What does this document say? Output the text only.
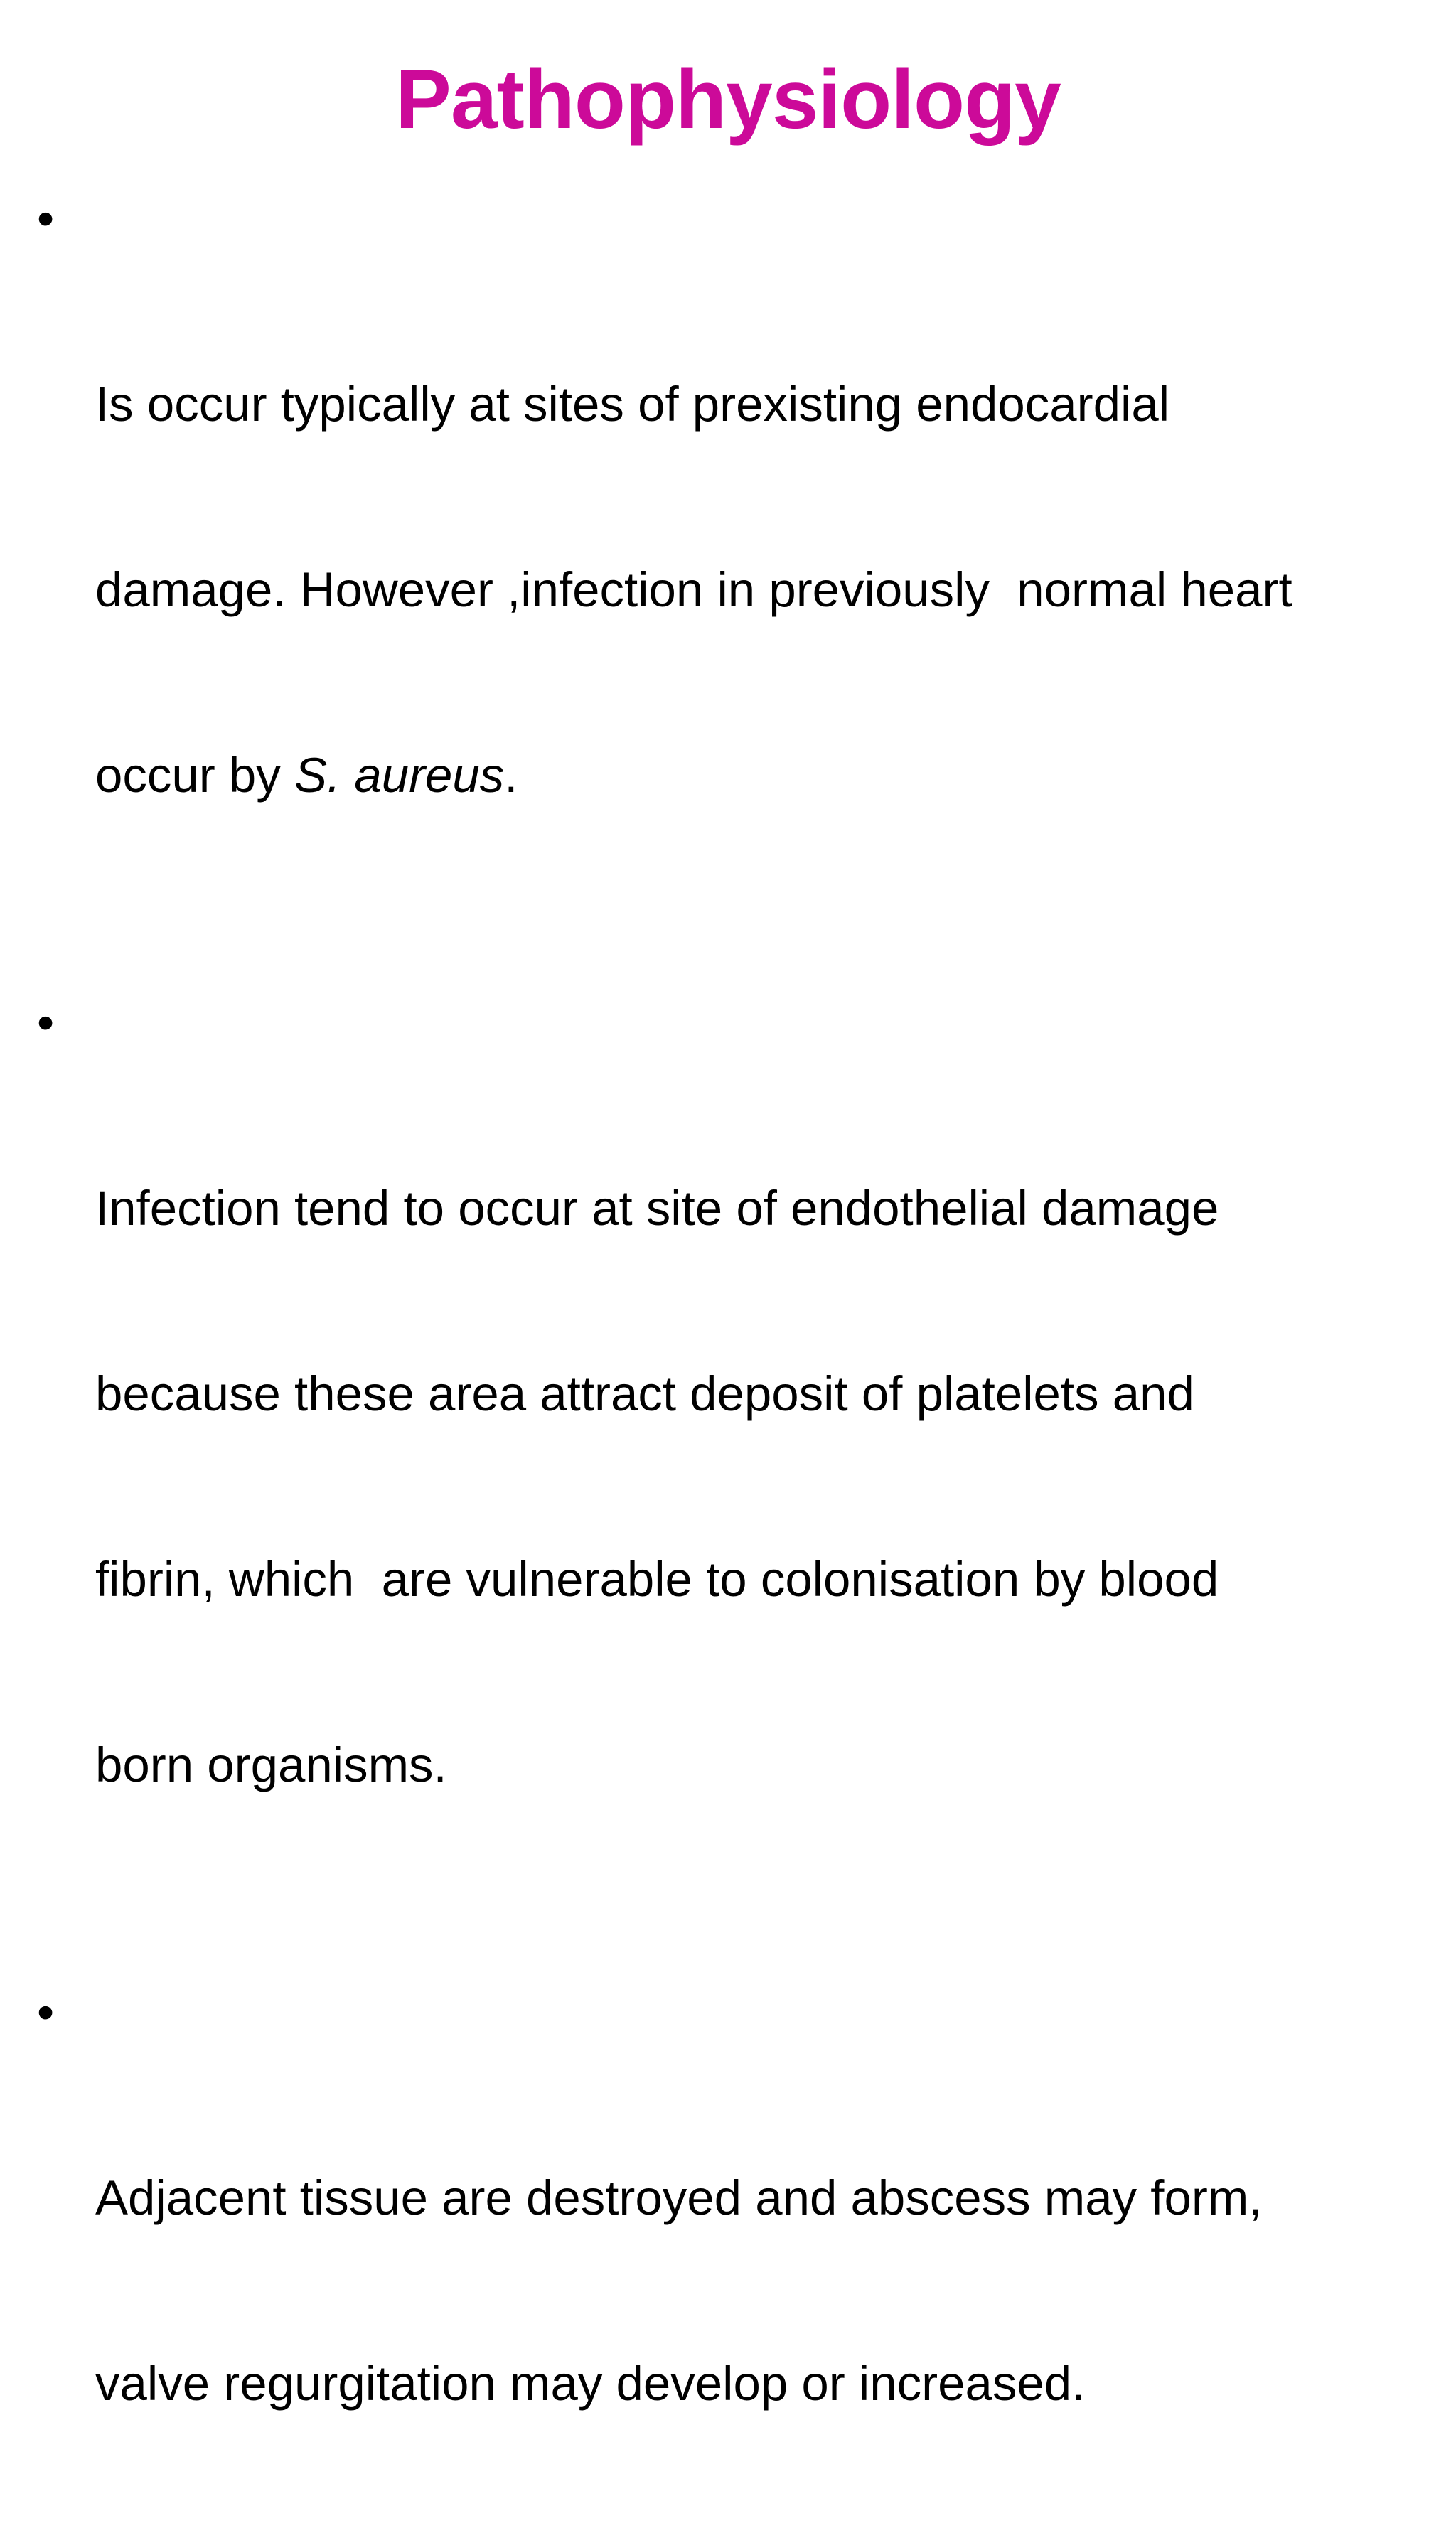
Pathophysiology

•

Is occur typically at sites of prexisting endocardial

damage. However ,infection in previously  normal heart

occur by S. aureus.

•

Infection tend to occur at site of endothelial damage

because these area attract deposit of platelets and

fibrin, which  are vulnerable to colonisation by blood

born organisms.

•

Adjacent tissue are destroyed and abscess may form,

valve regurgitation may develop or increased.
